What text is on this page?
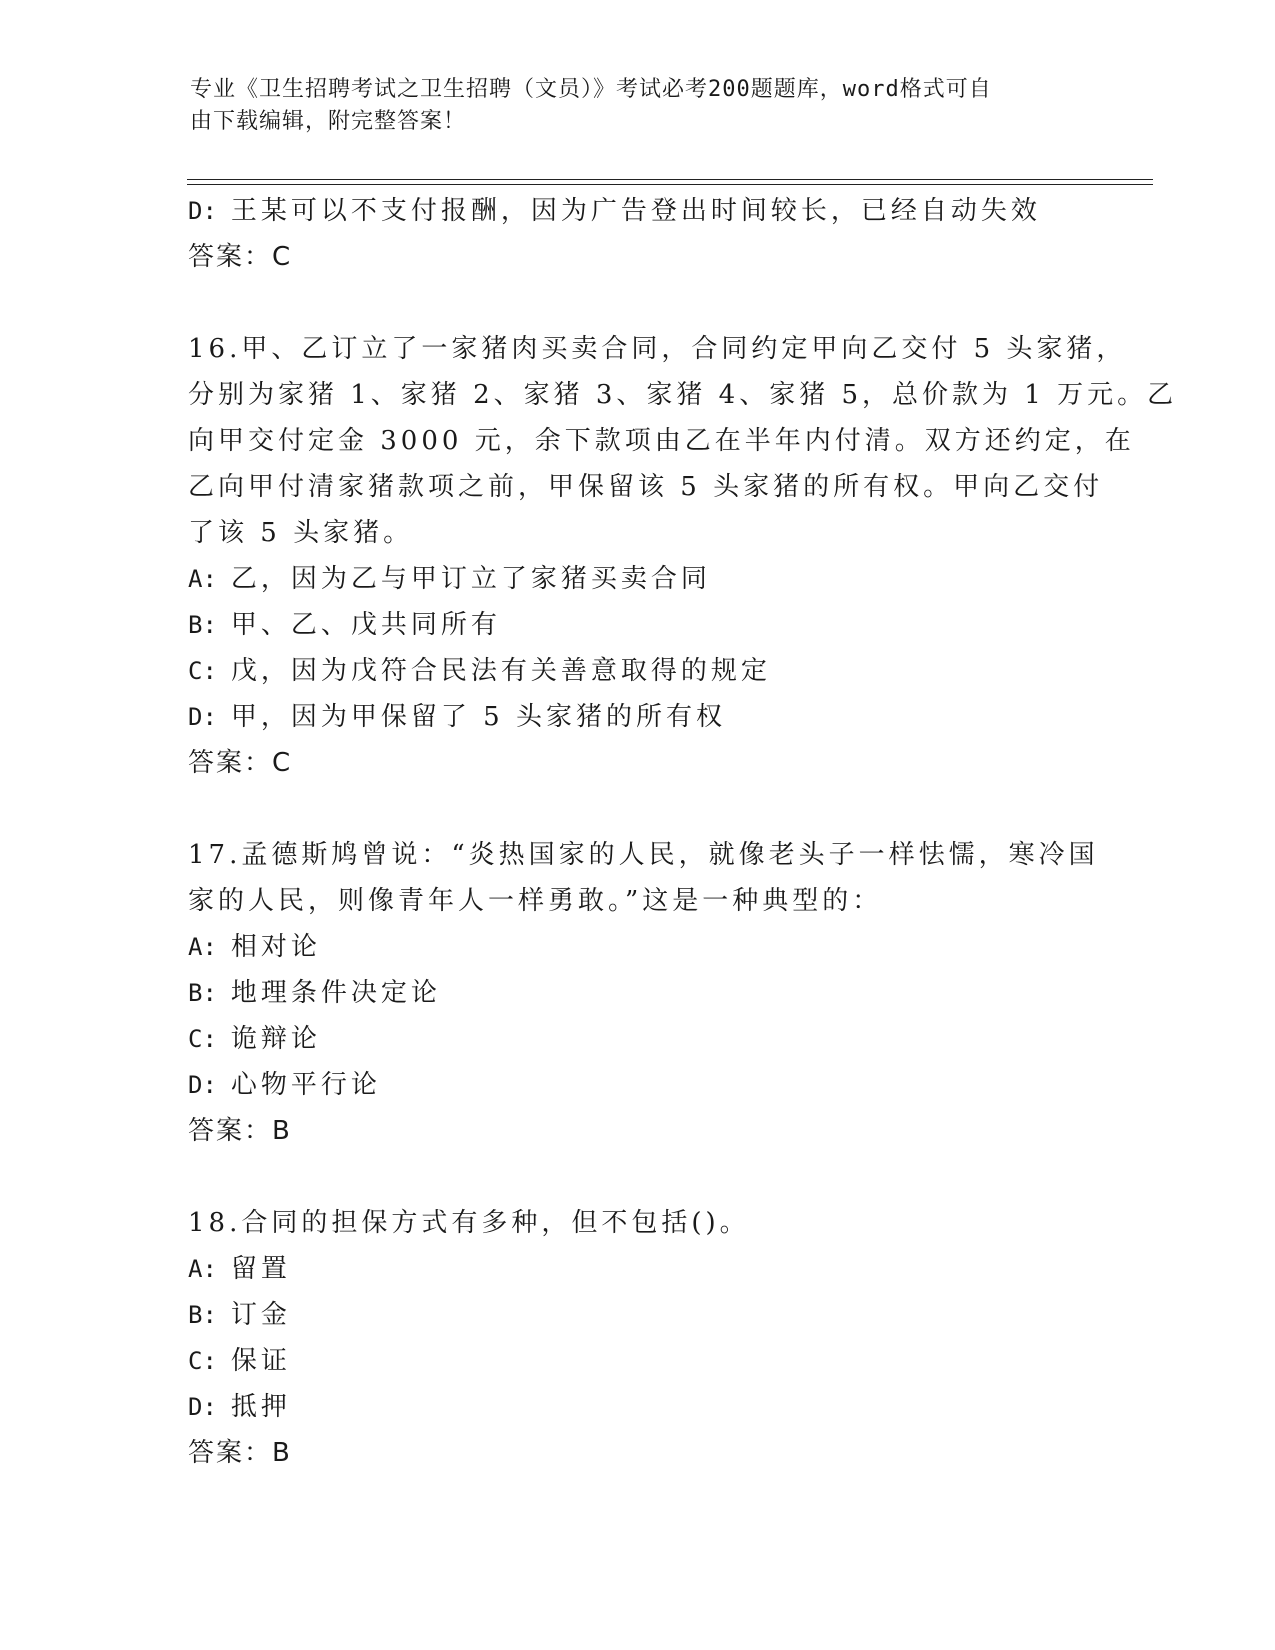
专业《卫生招聘考试之卫生招聘（文员）》考试必考200题题库，word格式可自
由下载编辑，附完整答案！
D: 王某可以不支付报酬，因为广告登出时间较长，已经自动失效
答案：C
16.甲、乙订立了一家猪肉买卖合同，合同约定甲向乙交付 5 头家猪，
分别为家猪 1、家猪 2、家猪 3、家猪 4、家猪 5，总价款为 1 万元。乙
向甲交付定金 3000 元，余下款项由乙在半年内付清。双方还约定，在
乙向甲付清家猪款项之前，甲保留该 5 头家猪的所有权。甲向乙交付
了该 5 头家猪。
A: 乙，因为乙与甲订立了家猪买卖合同
B: 甲、乙、戊共同所有
C: 戊，因为戊符合民法有关善意取得的规定
D: 甲，因为甲保留了 5 头家猪的所有权
答案：C
17.孟德斯鸠曾说：“炎热国家的人民，就像老头子一样怯懦，寒冷国
家的人民，则像青年人一样勇敢。”这是一种典型的：
A: 相对论
B: 地理条件决定论
C: 诡辩论
D: 心物平行论
答案：B
18.合同的担保方式有多种，但不包括()。
A: 留置
B: 订金
C: 保证
D: 抵押
答案：B
